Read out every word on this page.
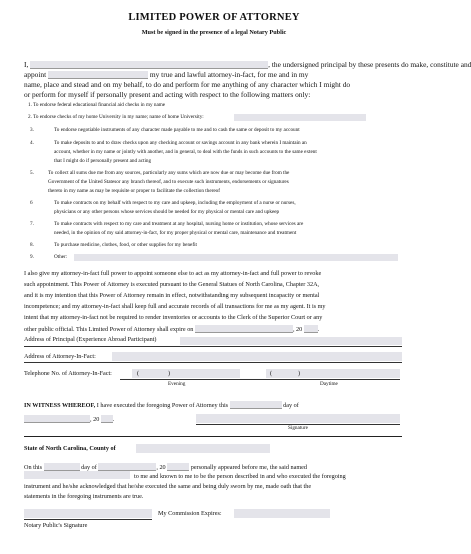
LIMITED POWER OF ATTORNEY
Must be signed in the presence of a legal Notary Public
I,	, the undersigned principal by these presents do make, constitute and
appoint	my true and lawful attorney-in-fact, for me and in my
name, place and stead and on my behalf, to do and perform for me anything of any character which I might do
or perform for myself if personally present and acting with respect to the following matters only:
1. To endorse federal educational financial aid checks in my name
2. To endorse checks of my home University in my name; name of home University:
3.	To endorse negotiable instruments of any character made payable to me and to cash the same or deposit to my account
4.	To make deposits to and to draw checks upon any checking account or savings account in any bank wherein I maintain an
account, whether in my name or jointly with another, and in general, to deal with the funds in such accounts to the same extent
that I might do if personally present and acting
5.	To collect all sums due me from any sources, particularly any sums which are now due or may become due from the
Government of the United Statesor any branch thereof, and to execute such instruments, endorsements or signatures
thereto in my name as may be requisite or proper to facilitate the collection thereof
6	To make contracts on my behalf with respect to my care and upkeep, including the employment of a nurse or nurses,
physicians or any other persons whose services should be needed for my physical or mental care and upkeep
7.	To make contracts with respect to my care and treatment at any hospital, nursing home or institution, whose services are
needed, in the opinion of my said attorney-in-fact, for my proper physical or mental care, maintenance and treatment
8.	To purchase medicine, clothes, food, or other supplies for my benefit
9.	Other:
I also give my attorney-in-fact full power to appoint someone else to act as my attorney-in-fact and full power to revoke
such appointment. This Power of Attorney is executed pursuant to the General Statues of North Carolina, Chapter 32A,
and it is my intention that this Power of Attorney remain in effect, notwithstanding my subsequent incapacity or mental
incompetence; and my attorney-in-fact shall keep full and accurate records of all transactions for me as my agent. It is my
intent that my attorney-in-fact not be required to render inventories or accounts to the Clerk of the Superior Court or any
other public official. This Limited Power of Attorney shall expire on	, 20	.
Address of Principal (Experience Abroad Participant)
Address of Attorney-In-Fact:
Telephone No. of Attorney-In-Fact:	(	)	(	)
Evening	Daytime
IN WITNESS WHEREOF, I have executed the foregoing Power of Attorney this	day of
, 20 .
Signature
State of North Carolina, County of
On this	day of	, 20	personally appeared before me, the said named
to me and known to me to be the person described in and who executed the foregoing
instrument and he/she acknowledged that he/she executed the same and being duly sworn by me, made oath that the
statements in the foregoing instruments are true.
My Commission Expires:
Notary Public's Signature
